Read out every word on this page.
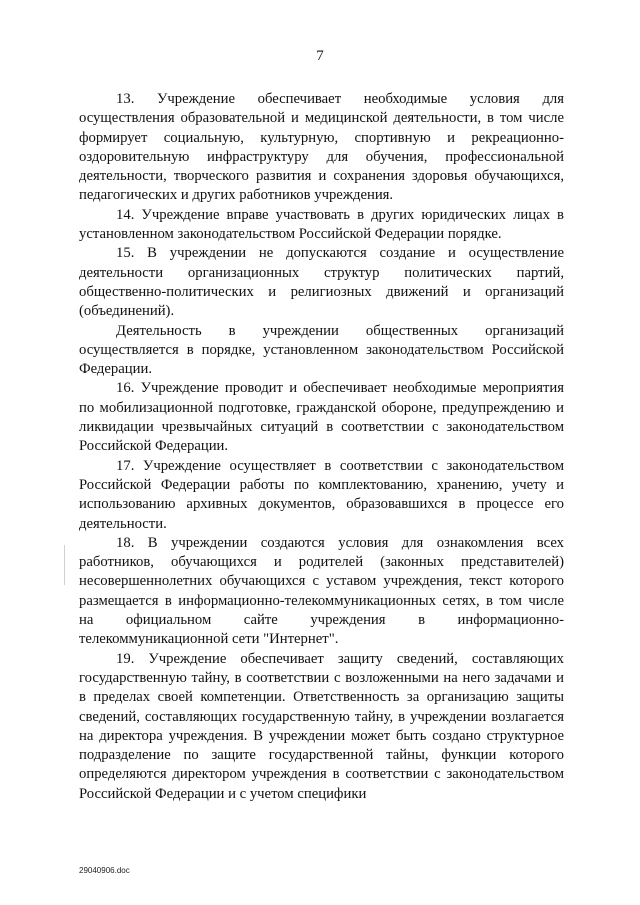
7

13. Учреждение обеспечивает необходимые условия для осуществления образовательной и медицинской деятельности, в том числе формирует социальную, культурную, спортивную и рекреационно-оздоровительную инфраструктуру для обучения, профессиональной деятельности, творческого развития и сохранения здоровья обучающихся, педагогических и других работников учреждения.

14. Учреждение вправе участвовать в других юридических лицах в установленном законодательством Российской Федерации порядке.

15. В учреждении не допускаются создание и осуществление деятельности организационных структур политических партий, общественно-политических и религиозных движений и организаций (объединений).

Деятельность в учреждении общественных организаций осуществляется в порядке, установленном законодательством Российской Федерации.

16. Учреждение проводит и обеспечивает необходимые мероприятия по мобилизационной подготовке, гражданской обороне, предупреждению и ликвидации чрезвычайных ситуаций в соответствии с законодательством Российской Федерации.

17. Учреждение осуществляет в соответствии с законодательством Российской Федерации работы по комплектованию, хранению, учету и использованию архивных документов, образовавшихся в процессе его деятельности.

18. В учреждении создаются условия для ознакомления всех работников, обучающихся и родителей (законных представителей) несовершеннолетних обучающихся с уставом учреждения, текст которого размещается в информационно-телекоммуникационных сетях, в том числе на официальном сайте учреждения в информационно-телекоммуникационной сети "Интернет".

19. Учреждение обеспечивает защиту сведений, составляющих государственную тайну, в соответствии с возложенными на него задачами и в пределах своей компетенции. Ответственность за организацию защиты сведений, составляющих государственную тайну, в учреждении возлагается на директора учреждения. В учреждении может быть создано структурное подразделение по защите государственной тайны, функции которого определяются директором учреждения в соответствии с законодательством Российской Федерации и с учетом специфики

29040906.doc
